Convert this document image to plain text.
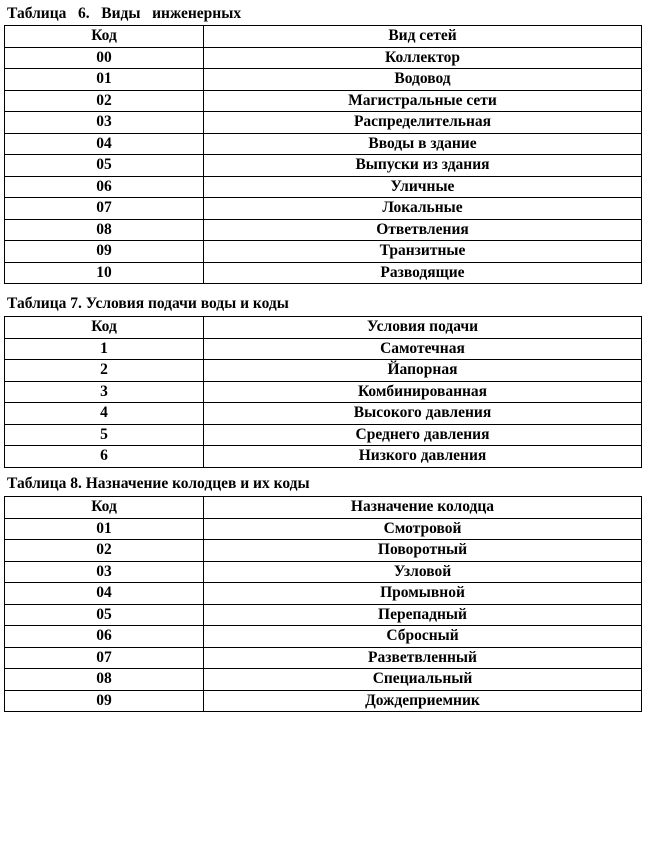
Таблица   6.   Виды   инженерных
Код	Вид сетей
00	Коллектор
01	Водовод
02	Магистральные сети
03	Распределительная
04	Вводы в здание
05	Выпуски из здания
06	Уличные
07	Локальные
08	Ответвления
09	Транзитные
10	Разводящие
Таблица 7. Условия подачи воды и коды
Код	Условия подачи
1	Самотечная
2	Йапорная
3	Комбинированная
4	Высокого давления
5	Среднего давления
6	Низкого давления
Таблица 8. Назначение колодцев и их коды
Код	Назначение колодца
01	Смотровой
02	Поворотный
03	Узловой
04	Промывной
05	Перепадный
06	Сбросный
07	Разветвленный
08	Специальный
09	Дождеприемник
